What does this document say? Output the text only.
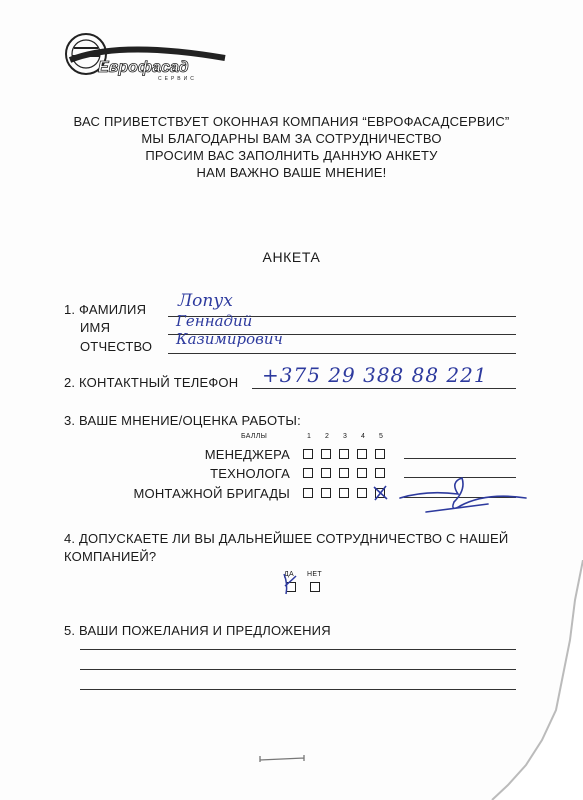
Еврофасад
СЕРВИС
ВАС ПРИВЕТСТВУЕТ ОКОННАЯ КОМПАНИЯ “ЕВРОФАСАДСЕРВИС”
МЫ БЛАГОДАРНЫ ВАМ ЗА СОТРУДНИЧЕСТВО
ПРОСИМ ВАС ЗАПОЛНИТЬ ДАННУЮ АНКЕТУ
НАМ ВАЖНО ВАШЕ МНЕНИЕ!
АНКЕТА
1. ФАМИЛИЯ
ИМЯ
ОТЧЕСТВО
Лопух
Геннадий
Казимирович
2. КОНТАКТНЫЙ ТЕЛЕФОН +375 29 388 88 221
3. ВАШЕ МНЕНИЕ/ОЦЕНКА РАБОТЫ:
БАЛЛЫ	1 2 3 4 5
МЕНЕДЖЕРА
ТЕХНОЛОГА
МОНТАЖНОЙ БРИГАДЫ
4. ДОПУСКАЕТЕ ЛИ ВЫ ДАЛЬНЕЙШЕЕ СОТРУДНИЧЕСТВО С НАШЕЙ
КОМПАНИЕЙ?
ДА НЕТ
5. ВАШИ ПОЖЕЛАНИЯ И ПРЕДЛОЖЕНИЯ
